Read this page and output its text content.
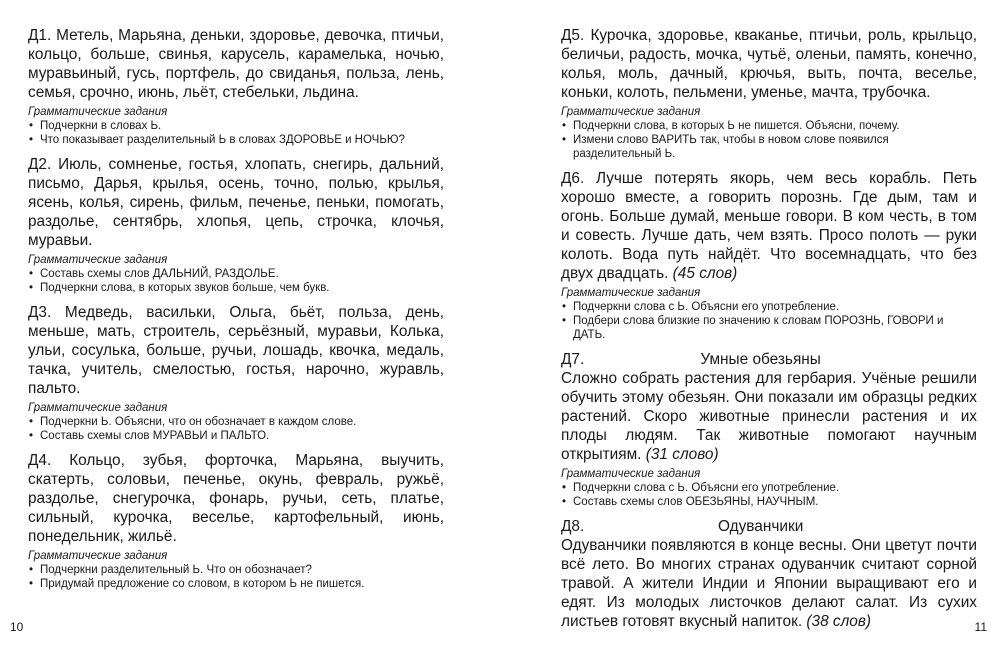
Д1. Метель, Марьяна, деньки, здоровье, девочка, птичьи, кольцо, больше, свинья, карусель, карамелька, ночью, муравьиный, гусь, портфель, до свиданья, польза, лень, семья, срочно, июнь, льёт, стебельки, льдина.

Грамматические задания
• Подчеркни в словах Ь.
• Что показывает разделительный Ь в словах ЗДОРОВЬЕ и НОЧЬЮ?

Д2. Июль, сомненье, гостья, хлопать, снегирь, дальний, письмо, Дарья, крылья, осень, точно, полью, крылья, ясень, колья, сирень, фильм, печенье, пеньки, помогать, раздолье, сентябрь, хлопья, цепь, строчка, клочья, муравьи.

Грамматические задания
• Составь схемы слов ДАЛЬНИЙ, РАЗДОЛЬЕ.
• Подчеркни слова, в которых звуков больше, чем букв.

Д3. Медведь, васильки, Ольга, бьёт, польза, день, меньше, мать, строитель, серьёзный, муравьи, Колька, ульи, сосулька, больше, ручьи, лошадь, квочка, медаль, тачка, учитель, смелостью, гостья, нарочно, журавль, пальто.

Грамматические задания
• Подчеркни Ь. Объясни, что он обозначает в каждом слове.
• Составь схемы слов МУРАВЬИ и ПАЛЬТО.

Д4. Кольцо, зубья, форточка, Марьяна, выучить, скатерть, соловьи, печенье, окунь, февраль, ружьё, раздолье, снегурочка, фонарь, ручьи, сеть, платье, сильный, курочка, веселье, картофельный, июнь, понедельник, жильё.

Грамматические задания
• Подчеркни разделительный Ь. Что он обозначает?
• Придумай предложение со словом, в котором Ь не пишется.

Д5. Курочка, здоровье, кваканье, птичьи, роль, крыльцо, беличьи, радость, мочка, чутьё, оленьи, память, конечно, колья, моль, дачный, крючья, выть, почта, веселье, коньки, колоть, пельмени, уменье, мачта, трубочка.

Грамматические задания
• Подчеркни слова, в которых Ь не пишется. Объясни, почему.
• Измени слово ВАРИТЬ так, чтобы в новом слове появился разделительный Ь.

Д6. Лучше потерять якорь, чем весь корабль. Петь хорошо вместе, а говорить порознь. Где дым, там и огонь. Больше думай, меньше говори. В ком честь, в том и совесть. Лучше дать, чем взять. Просо полоть — руки колоть. Вода путь найдёт. Что восемнадцать, что без двух двадцать. (45 слов)

Грамматические задания
• Подчеркни слова с Ь. Объясни его употребление.
• Подбери слова близкие по значению к словам ПОРОЗНЬ, ГОВОРИ и ДАТЬ.
Д7.	Умные обезьяны

Сложно собрать растения для гербария. Учёные решили обучить этому обезьян. Они показали им образцы редких растений. Скоро животные принесли растения и их плоды людям. Так животные помогают научным открытиям. (31 слово)

Грамматические задания
• Подчеркни слова с Ь. Объясни его употребление.
• Составь схемы слов ОБЕЗЬЯНЫ, НАУЧНЫМ.
Д8.	Одуванчики

Одуванчики появляются в конце весны. Они цветут почти всё лето. Во многих странах одуванчик считают сорной травой. А жители Индии и Японии выращивают его и едят. Из молодых листочков делают салат. Из сухих листьев готовят вкусный напиток. (38 слов)

10	11
